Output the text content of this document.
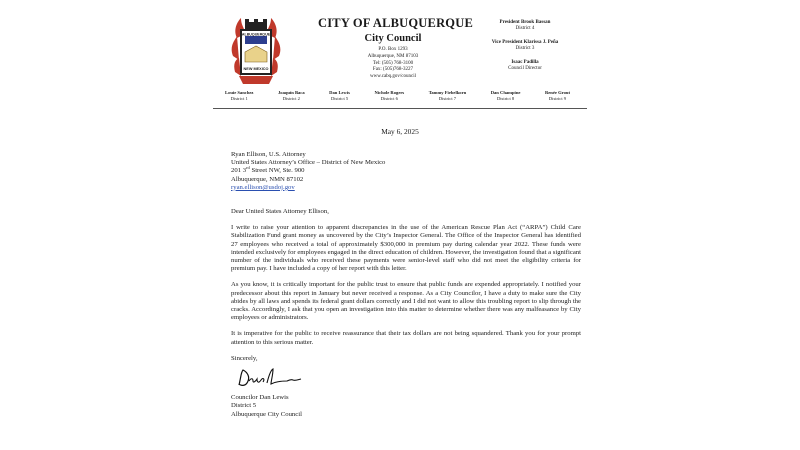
ALBUQUERQUE
NEW MEXICO
CITY OF ALBUQUERQUE
City Council
P.O. Box 1293
Albuquerque, NM 87103
Tel: (505) 768-3100
Fax: (505)768-3227
www.cabq.gov/council
President Brook Bassan
District 4
Vice President Klarissa J. Peña
District 3
Isaac Padilla
Council Director
Louie Sanchez
District 1
Joaquín Baca
District 2
Dan Lewis
District 5
Nichole Rogers
District 6
Tammy Fiebelkorn
District 7
Dan Champine
District 8
Renée Grout
District 9
May 6, 2025

Ryan Ellison, U.S. Attorney
United States Attorney’s Office – District of New Mexico
201 3rd Street NW, Ste. 900
Albuquerque, NMN 87102
ryan.ellison@usdoj.gov

Dear United States Attorney Ellison,

I write to raise your attention to apparent discrepancies in the use of the American Rescue Plan Act (“ARPA”) Child Care Stabilization Fund grant money as uncovered by the City’s Inspector General. The Office of the Inspector General has identified 27 employees who received a total of approximately $300,000 in premium pay during calendar year 2022. These funds were intended exclusively for employees engaged in the direct education of children. However, the investigation found that a significant number of the individuals who received these payments were senior-level staff who did not meet the eligibility criteria for premium pay. I have included a copy of her report with this letter.

As you know, it is critically important for the public trust to ensure that public funds are expended appropriately. I notified your predecessor about this report in January but never received a response. As a City Councilor, I have a duty to make sure the City abides by all laws and spends its federal grant dollars correctly and I did not want to allow this troubling report to slip through the cracks. Accordingly, I ask that you open an investigation into this matter to determine whether there was any malfeasance by City employees or administrators.

It is imperative for the public to receive reassurance that their tax dollars are not being squandered. Thank you for your prompt attention to this serious matter.

Sincerely,

Councilor Dan Lewis
District 5
Albuquerque City Council
